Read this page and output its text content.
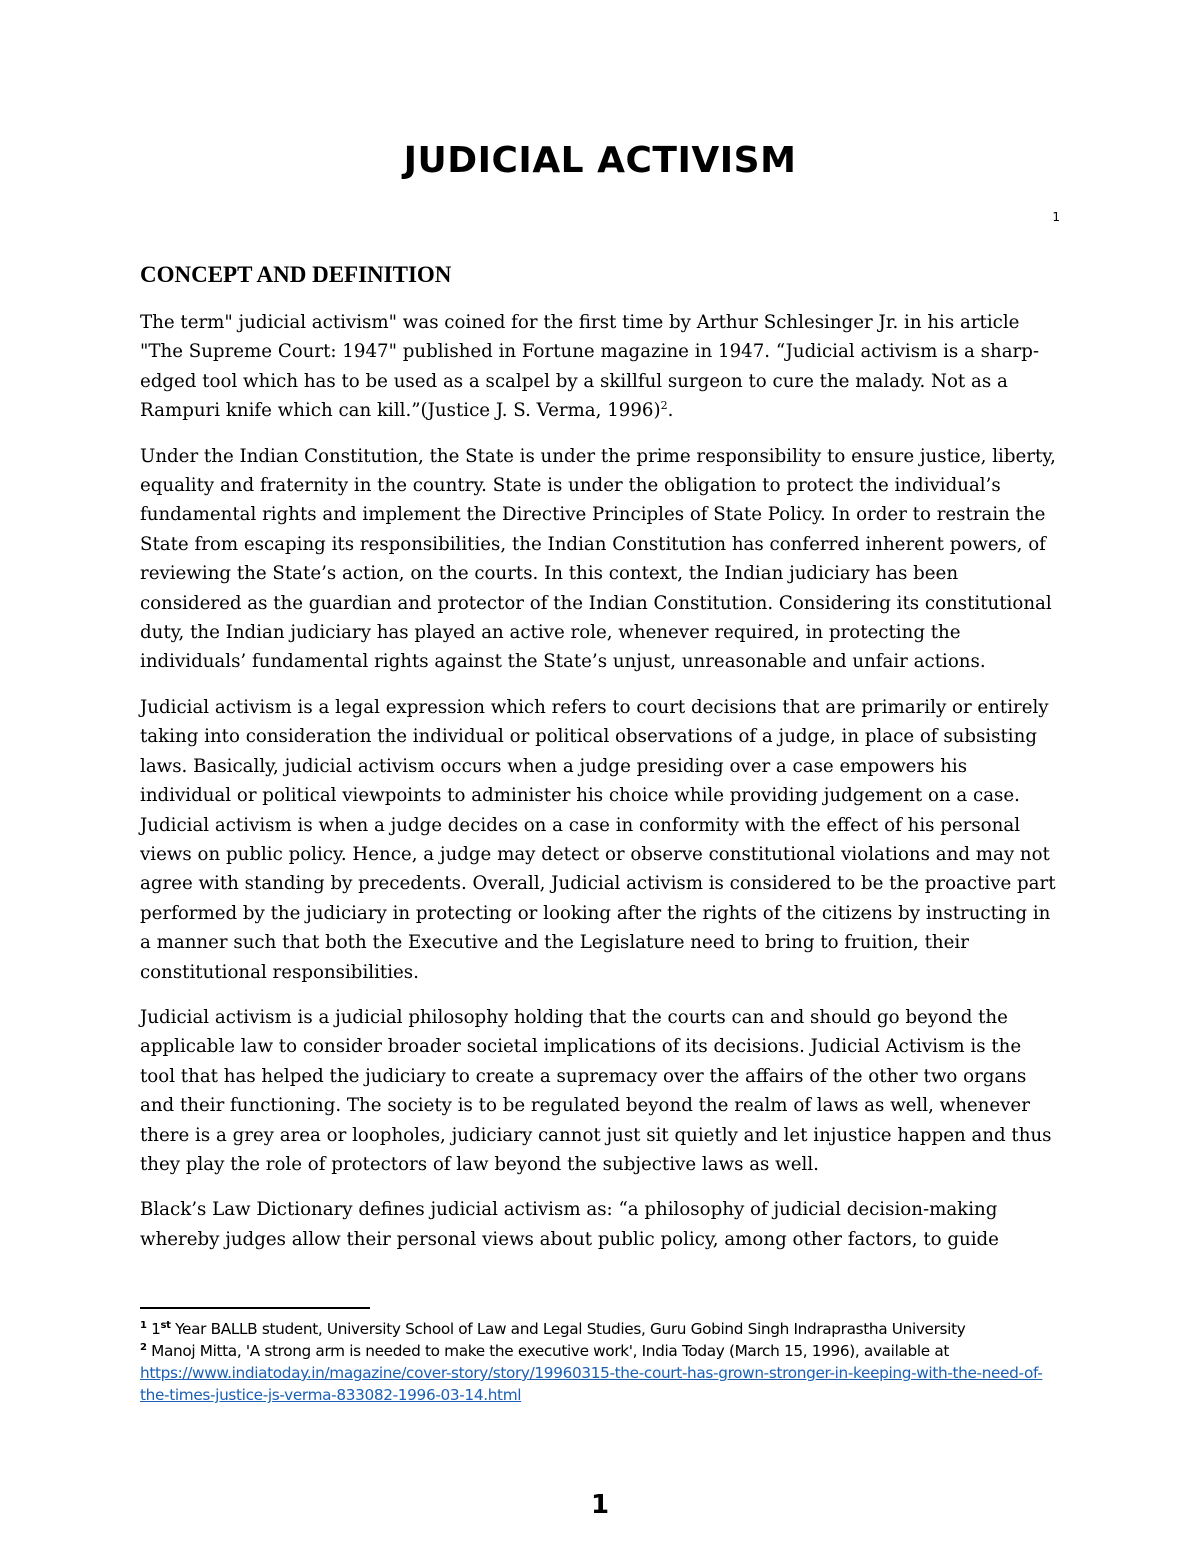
JUDICIAL ACTIVISM
1
CONCEPT AND DEFINITION

The term" judicial activism" was coined for the first time by Arthur Schlesinger Jr. in his article "The Supreme Court: 1947" published in Fortune magazine in 1947. “Judicial activism is a sharp-edged tool which has to be used as a scalpel by a skillful surgeon to cure the malady. Not as a Rampuri knife which can kill.”(Justice J. S. Verma, 1996)$^2$.

Under the Indian Constitution, the State is under the prime responsibility to ensure justice, liberty, equality and fraternity in the country. State is under the obligation to protect the individual’s fundamental rights and implement the Directive Principles of State Policy. In order to restrain the State from escaping its responsibilities, the Indian Constitution has conferred inherent powers, of reviewing the State’s action, on the courts. In this context, the Indian judiciary has been considered as the guardian and protector of the Indian Constitution. Considering its constitutional duty, the Indian judiciary has played an active role, whenever required, in protecting the individuals’ fundamental rights against the State’s unjust, unreasonable and unfair actions.

Judicial activism is a legal expression which refers to court decisions that are primarily or entirely taking into consideration the individual or political observations of a judge, in place of subsisting laws. Basically, judicial activism occurs when a judge presiding over a case empowers his individual or political viewpoints to administer his choice while providing judgement on a case. Judicial activism is when a judge decides on a case in conformity with the effect of his personal views on public policy. Hence, a judge may detect or observe constitutional violations and may not agree with standing by precedents. Overall, Judicial activism is considered to be the proactive part performed by the judiciary in protecting or looking after the rights of the citizens by instructing in a manner such that both the Executive and the Legislature need to bring to fruition, their constitutional responsibilities.

Judicial activism is a judicial philosophy holding that the courts can and should go beyond the applicable law to consider broader societal implications of its decisions. Judicial Activism is the tool that has helped the judiciary to create a supremacy over the affairs of the other two organs and their functioning. The society is to be regulated beyond the realm of laws as well, whenever there is a grey area or loopholes, judiciary cannot just sit quietly and let injustice happen and thus they play the role of protectors of law beyond the subjective laws as well.

Black’s Law Dictionary defines judicial activism as: “a philosophy of judicial decision-making whereby judges allow their personal views about public policy, among other factors, to guide

$^1$ 1st Year BALLB student, University School of Law and Legal Studies, Guru Gobind Singh Indraprastha University
$^2$ Manoj Mitta, 'A strong arm is needed to make the executive work', India Today (March 15, 1996), available at https://www.indiatoday.in/magazine/cover-story/story/19960315-the-court-has-grown-stronger-in-keeping-with-the-need-of-the-times-justice-js-verma-833082-1996-03-14.html
1
